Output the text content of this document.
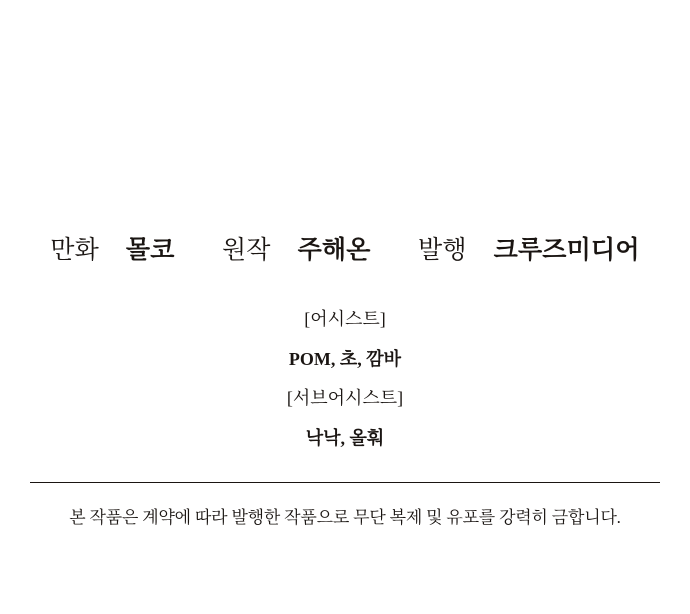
만화 몰코 원작 주해온 발행 크루즈미디어
[어시스트]
POM, 초, 깜바
[서브어시스트]
낙낙, 올훠
본 작품은 계약에 따라 발행한 작품으로 무단 복제 및 유포를 강력히 금합니다.
